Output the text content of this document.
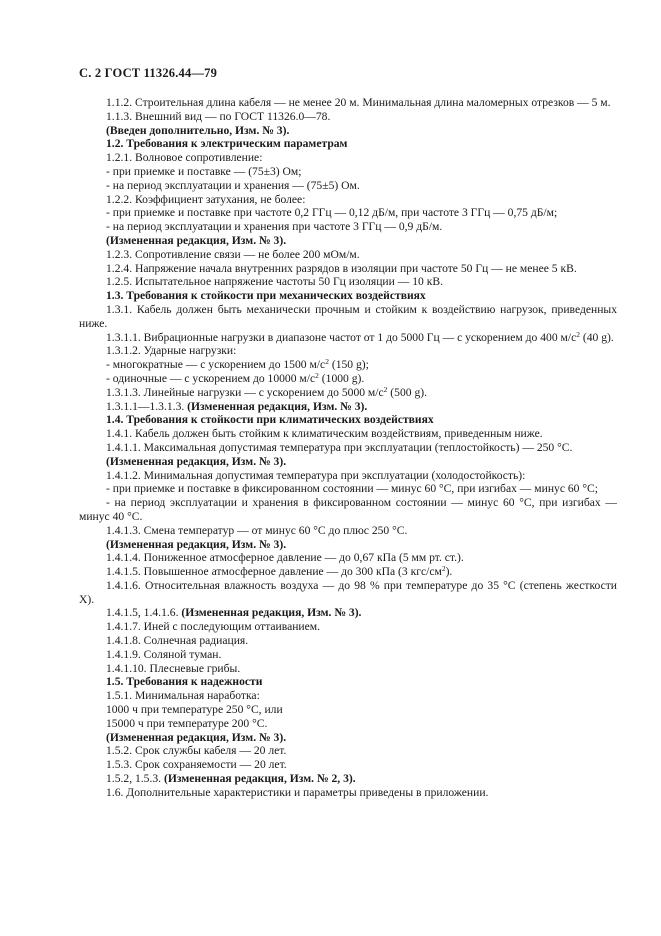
С. 2 ГОСТ 11326.44—79

1.1.2. Строительная длина кабеля — не менее 20 м. Минимальная длина маломерных отрезков — 5 м.

1.1.3. Внешний вид — по ГОСТ 11326.0—78.

(Введен дополнительно, Изм. № 3).

1.2. Требования к электрическим параметрам

1.2.1. Волновое сопротивление:

- при приемке и поставке — (75±3) Ом;

- на период эксплуатации и хранения — (75±5) Ом.

1.2.2. Коэффициент затухания, не более:

- при приемке и поставке при частоте 0,2 ГГц — 0,12 дБ/м, при частоте 3 ГГц — 0,75 дБ/м;

- на период эксплуатации и хранения при частоте 3 ГГц — 0,9 дБ/м.

(Измененная редакция, Изм. № 3).

1.2.3. Сопротивление связи — не более 200 мОм/м.

1.2.4. Напряжение начала внутренних разрядов в изоляции при частоте 50 Гц — не менее 5 кВ.

1.2.5. Испытательное напряжение частоты 50 Гц изоляции — 10 кВ.

1.3. Требования к стойкости при механических воздействиях

1.3.1. Кабель должен быть механически прочным и стойким к воздействию нагрузок, приведенных ниже.

1.3.1.1. Вибрационные нагрузки в диапазоне частот от 1 до 5000 Гц — с ускорением до 400 $м/с^2$ (40 g).

1.3.1.2. Ударные нагрузки:

- многократные — с ускорением до 1500 $м/с^2$ (150 g);

- одиночные — с ускорением до 10000 $м/с^2$ (1000 g).

1.3.1.3. Линейные нагрузки — с ускорением до 5000 $м/с^2$ (500 g).

1.3.1.1—1.3.1.3. (Измененная редакция, Изм. № 3).

1.4. Требования к стойкости при климатических воздействиях

1.4.1. Кабель должен быть стойким к климатическим воздействиям, приведенным ниже.

1.4.1.1. Максимальная допустимая температура при эксплуатации (теплостойкость) — 250 °С.

(Измененная редакция, Изм. № 3).

1.4.1.2. Минимальная допустимая температура при эксплуатации (холодостойкость):

- при приемке и поставке в фиксированном состоянии — минус 60 °С, при изгибах — минус 60 °С;

- на период эксплуатации и хранения в фиксированном состоянии — минус 60 °С, при изгибах — минус 40 °С.

1.4.1.3. Смена температур — от минус 60 °С до плюс 250 °С.

(Измененная редакция, Изм. № 3).

1.4.1.4. Пониженное атмосферное давление — до 0,67 кПа (5 мм рт. ст.).

1.4.1.5. Повышенное атмосферное давление — до 300 кПа (3 кгс/$см^2$).

1.4.1.6. Относительная влажность воздуха — до 98 % при температуре до 35 °С (степень жесткости X).

1.4.1.5, 1.4.1.6. (Измененная редакция, Изм. № 3).

1.4.1.7. Иней с последующим оттаиванием.

1.4.1.8. Солнечная радиация.

1.4.1.9. Соляной туман.

1.4.1.10. Плесневые грибы.

1.5. Требования к надежности

1.5.1. Минимальная наработка:

1000 ч при температуре 250 °С, или

15000 ч при температуре 200 °С.

(Измененная редакция, Изм. № 3).

1.5.2. Срок службы кабеля — 20 лет.

1.5.3. Срок сохраняемости — 20 лет.

1.5.2, 1.5.3. (Измененная редакция, Изм. № 2, 3).

1.6. Дополнительные характеристики и параметры приведены в приложении.
